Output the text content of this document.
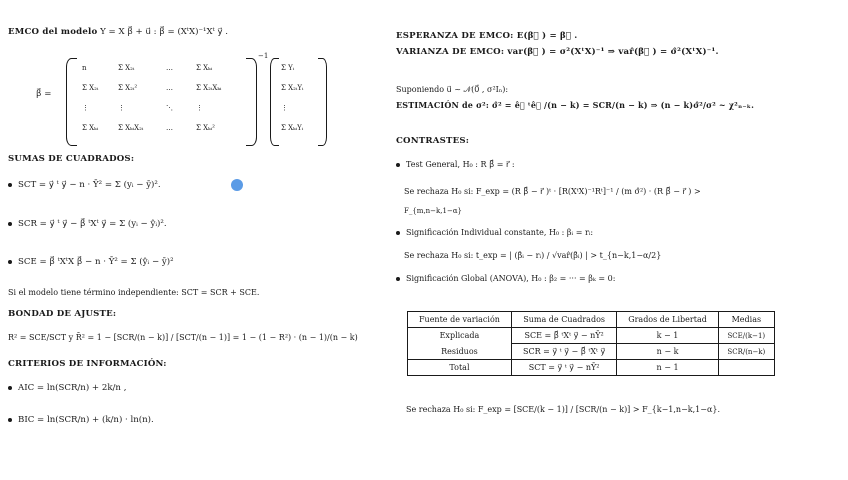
EMCO del modelo Y = X β⃗ + u⃗ : β⃗ = (XᵗX)⁻¹Xᵗ y⃗ .
β⃗ =
−1
n	Σ X₂ᵢ	…	Σ Xₖᵢ
Σ X₂ᵢ	Σ X₂ᵢ²	…	Σ X₂ᵢXₖᵢ
⋮	⋮	⋱	⋮
Σ Xₖᵢ	Σ XₖᵢX₂ᵢ	…	Σ Xₖᵢ²
Σ Yᵢ
Σ X₂ᵢYᵢ
⋮
Σ XₖᵢYᵢ
SUMAS DE CUADRADOS:
SCT = y⃗ ᵗ y⃗ − n · Ȳ² = Σ (yᵢ − ȳ)².
SCR = y⃗ ᵗ y⃗ − β⃗ ᵗXᵗ y⃗ = Σ (yᵢ − ŷᵢ)².
SCE = β⃗ ᵗXᵗX β⃗ − n · Ȳ² = Σ (ŷᵢ − ȳ)²
Si el modelo tiene término independiente: SCT = SCR + SCE.
BONDAD DE AJUSTE:
R² = SCE/SCT y R̄² = 1 − [SCR/(n − k)] / [SCT/(n − 1)] = 1 − (1 − R²) · (n − 1)/(n − k)
CRITERIOS DE INFORMACIÓN:
AIC = ln(SCR/n) + 2k/n ,
BIC = ln(SCR/n) + (k/n) · ln(n).
ESPERANZA DE EMCO: E(β⃗ ) = β⃗ .
VARIANZA DE EMCO: var(β⃗ ) = σ²(XᵗX)⁻¹ ⇒ var̂(β⃗ ) = σ̂²(XᵗX)⁻¹.
Suponiendo u⃗ ~ 𝒩(0⃗ , σ²Iₙ):
ESTIMACIÓN de σ²: σ̂² = ê⃗ ᵗê⃗ /(n − k) = SCR/(n − k) ⇒ (n − k)σ̂²/σ² ~ χ²ₙ₋ₖ.
CONTRASTES:
Test General, H₀ : R β⃗ = r⃗ :
Se rechaza H₀ si: F_exp = (R β⃗ − r⃗ )ᵗ · [R(XᵗX)⁻¹Rᵗ]⁻¹ / (m σ̂²) · (R β⃗ − r⃗ ) >
F_{m,n−k,1−α}
Significación Individual constante, H₀ : βᵢ = rᵢ:
Se rechaza H₀ si: t_exp = | (β̂ᵢ − rᵢ) / √var̂(β̂ᵢ) | > t_{n−k,1−α/2}
Significación Global (ANOVA), H₀ : β₂ = ··· = βₖ = 0:
Fuente de variación	Suma de Cuadrados	Grados de Libertad	Medias
Explicada	SCE = β⃗ ᵗXᵗ y⃗ − nȲ²	k − 1	SCE/(k−1)
Residuos	SCR = y⃗ ᵗ y⃗ − β⃗ ᵗXᵗ y⃗	n − k	SCR/(n−k)
Total	SCT = y⃗ ᵗ y⃗ − nȲ²	n − 1	
Se rechaza H₀ si: F_exp = [SCE/(k − 1)] / [SCR/(n − k)] > F_{k−1,n−k,1−α}.
